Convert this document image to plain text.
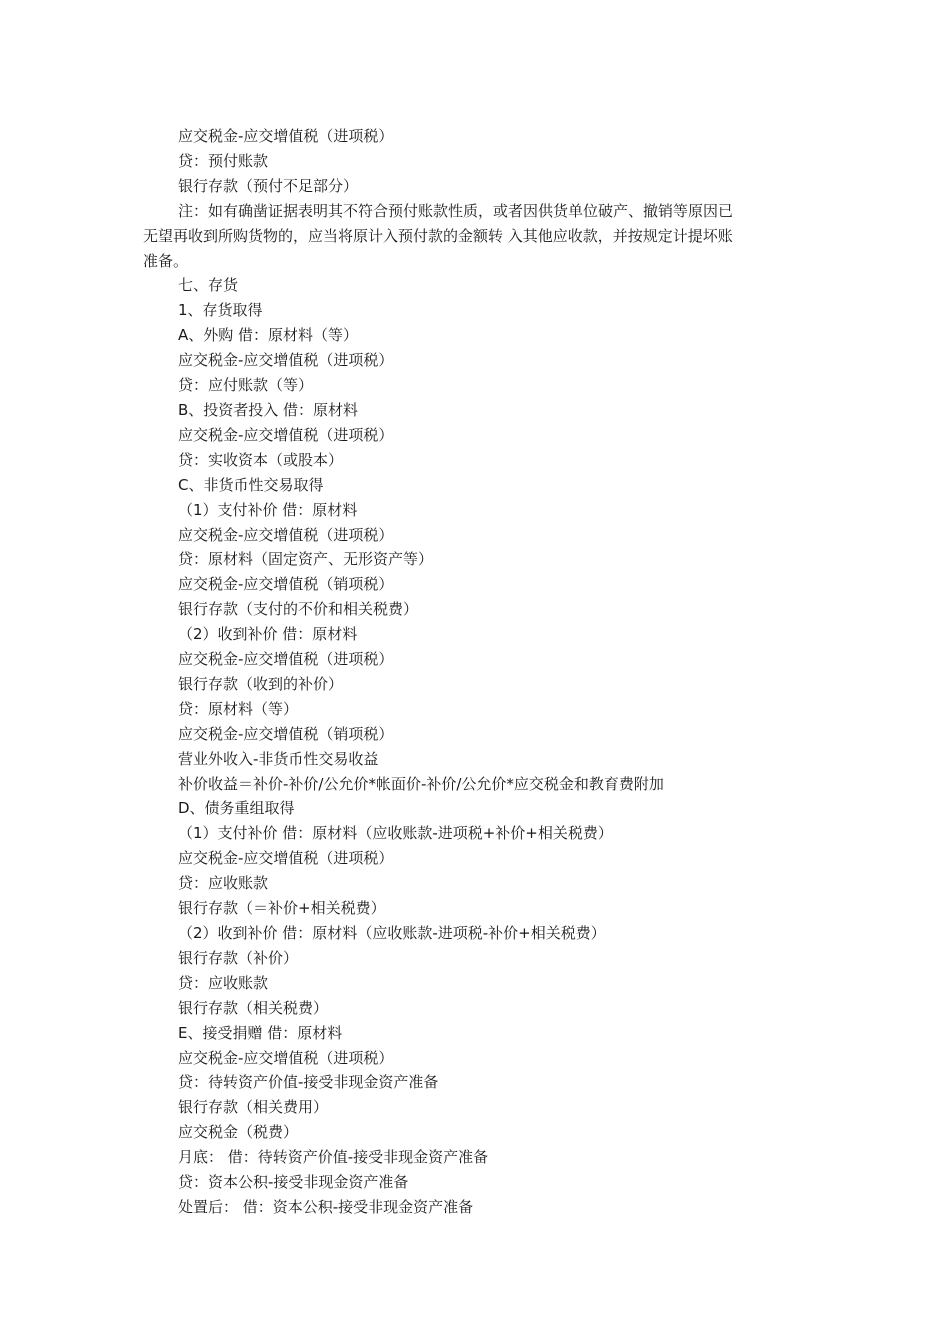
应交税金-应交增值税（进项税）
贷：预付账款
银行存款（预付不足部分）
注：如有确凿证据表明其不符合预付账款性质，或者因供货单位破产、撤销等原因已
无望再收到所购货物的，应当将原计入预付款的金额转 入其他应收款，并按规定计提坏账
准备。
七、存货
1、存货取得
A、外购 借：原材料（等）
应交税金-应交增值税（进项税）
贷：应付账款（等）
B、投资者投入 借：原材料
应交税金-应交增值税（进项税）
贷：实收资本（或股本）
C、非货币性交易取得
（1）支付补价 借：原材料
应交税金-应交增值税（进项税）
贷：原材料（固定资产、无形资产等）
应交税金-应交增值税（销项税）
银行存款（支付的不价和相关税费）
（2）收到补价 借：原材料
应交税金-应交增值税（进项税）
银行存款（收到的补价）
贷：原材料（等）
应交税金-应交增值税（销项税）
营业外收入-非货币性交易收益
补价收益＝补价-补价/公允价*帐面价-补价/公允价*应交税金和教育费附加
D、债务重组取得
（1）支付补价 借：原材料（应收账款-进项税+补价+相关税费）
应交税金-应交增值税（进项税）
贷：应收账款
银行存款（＝补价+相关税费）
（2）收到补价 借：原材料（应收账款-进项税-补价+相关税费）
银行存款（补价）
贷：应收账款
银行存款（相关税费）
E、接受捐赠 借：原材料
应交税金-应交增值税（进项税）
贷：待转资产价值-接受非现金资产准备
银行存款（相关费用）
应交税金（税费）
月底： 借：待转资产价值-接受非现金资产准备
贷：资本公积-接受非现金资产准备
处置后： 借：资本公积-接受非现金资产准备
